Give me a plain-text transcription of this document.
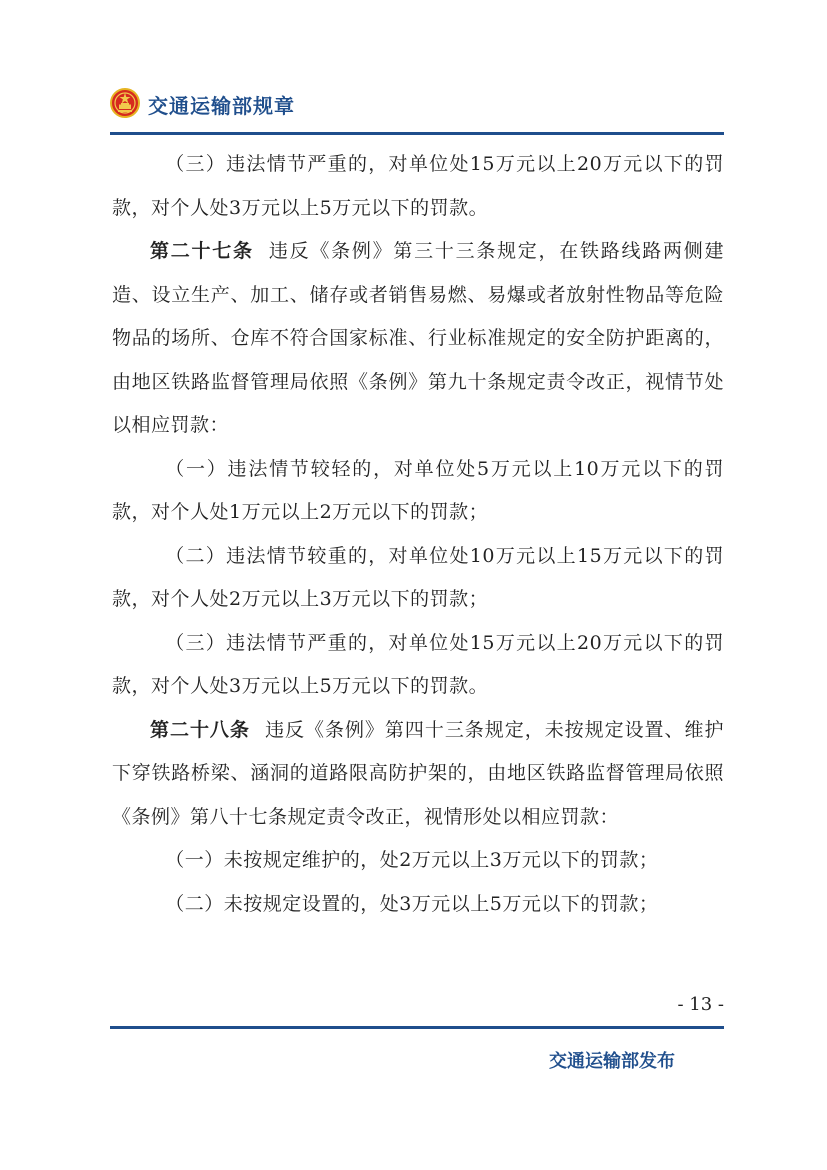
交通运输部规章

（三）违法情节严重的，对单位处15万元以上20万元以下的罚款，对个人处3万元以上5万元以下的罚款。

第二十七条 违反《条例》第三十三条规定，在铁路线路两侧建造、设立生产、加工、储存或者销售易燃、易爆或者放射性物品等危险物品的场所、仓库不符合国家标准、行业标准规定的安全防护距离的，由地区铁路监督管理局依照《条例》第九十条规定责令改正，视情节处以相应罚款：

（一）违法情节较轻的，对单位处5万元以上10万元以下的罚款，对个人处1万元以上2万元以下的罚款；

（二）违法情节较重的，对单位处10万元以上15万元以下的罚款，对个人处2万元以上3万元以下的罚款；

（三）违法情节严重的，对单位处15万元以上20万元以下的罚款，对个人处3万元以上5万元以下的罚款。

第二十八条 违反《条例》第四十三条规定，未按规定设置、维护下穿铁路桥梁、涵洞的道路限高防护架的，由地区铁路监督管理局依照《条例》第八十七条规定责令改正，视情形处以相应罚款：

（一）未按规定维护的，处2万元以上3万元以下的罚款；

（二）未按规定设置的，处3万元以上5万元以下的罚款；

- 13 -
交通运输部发布
